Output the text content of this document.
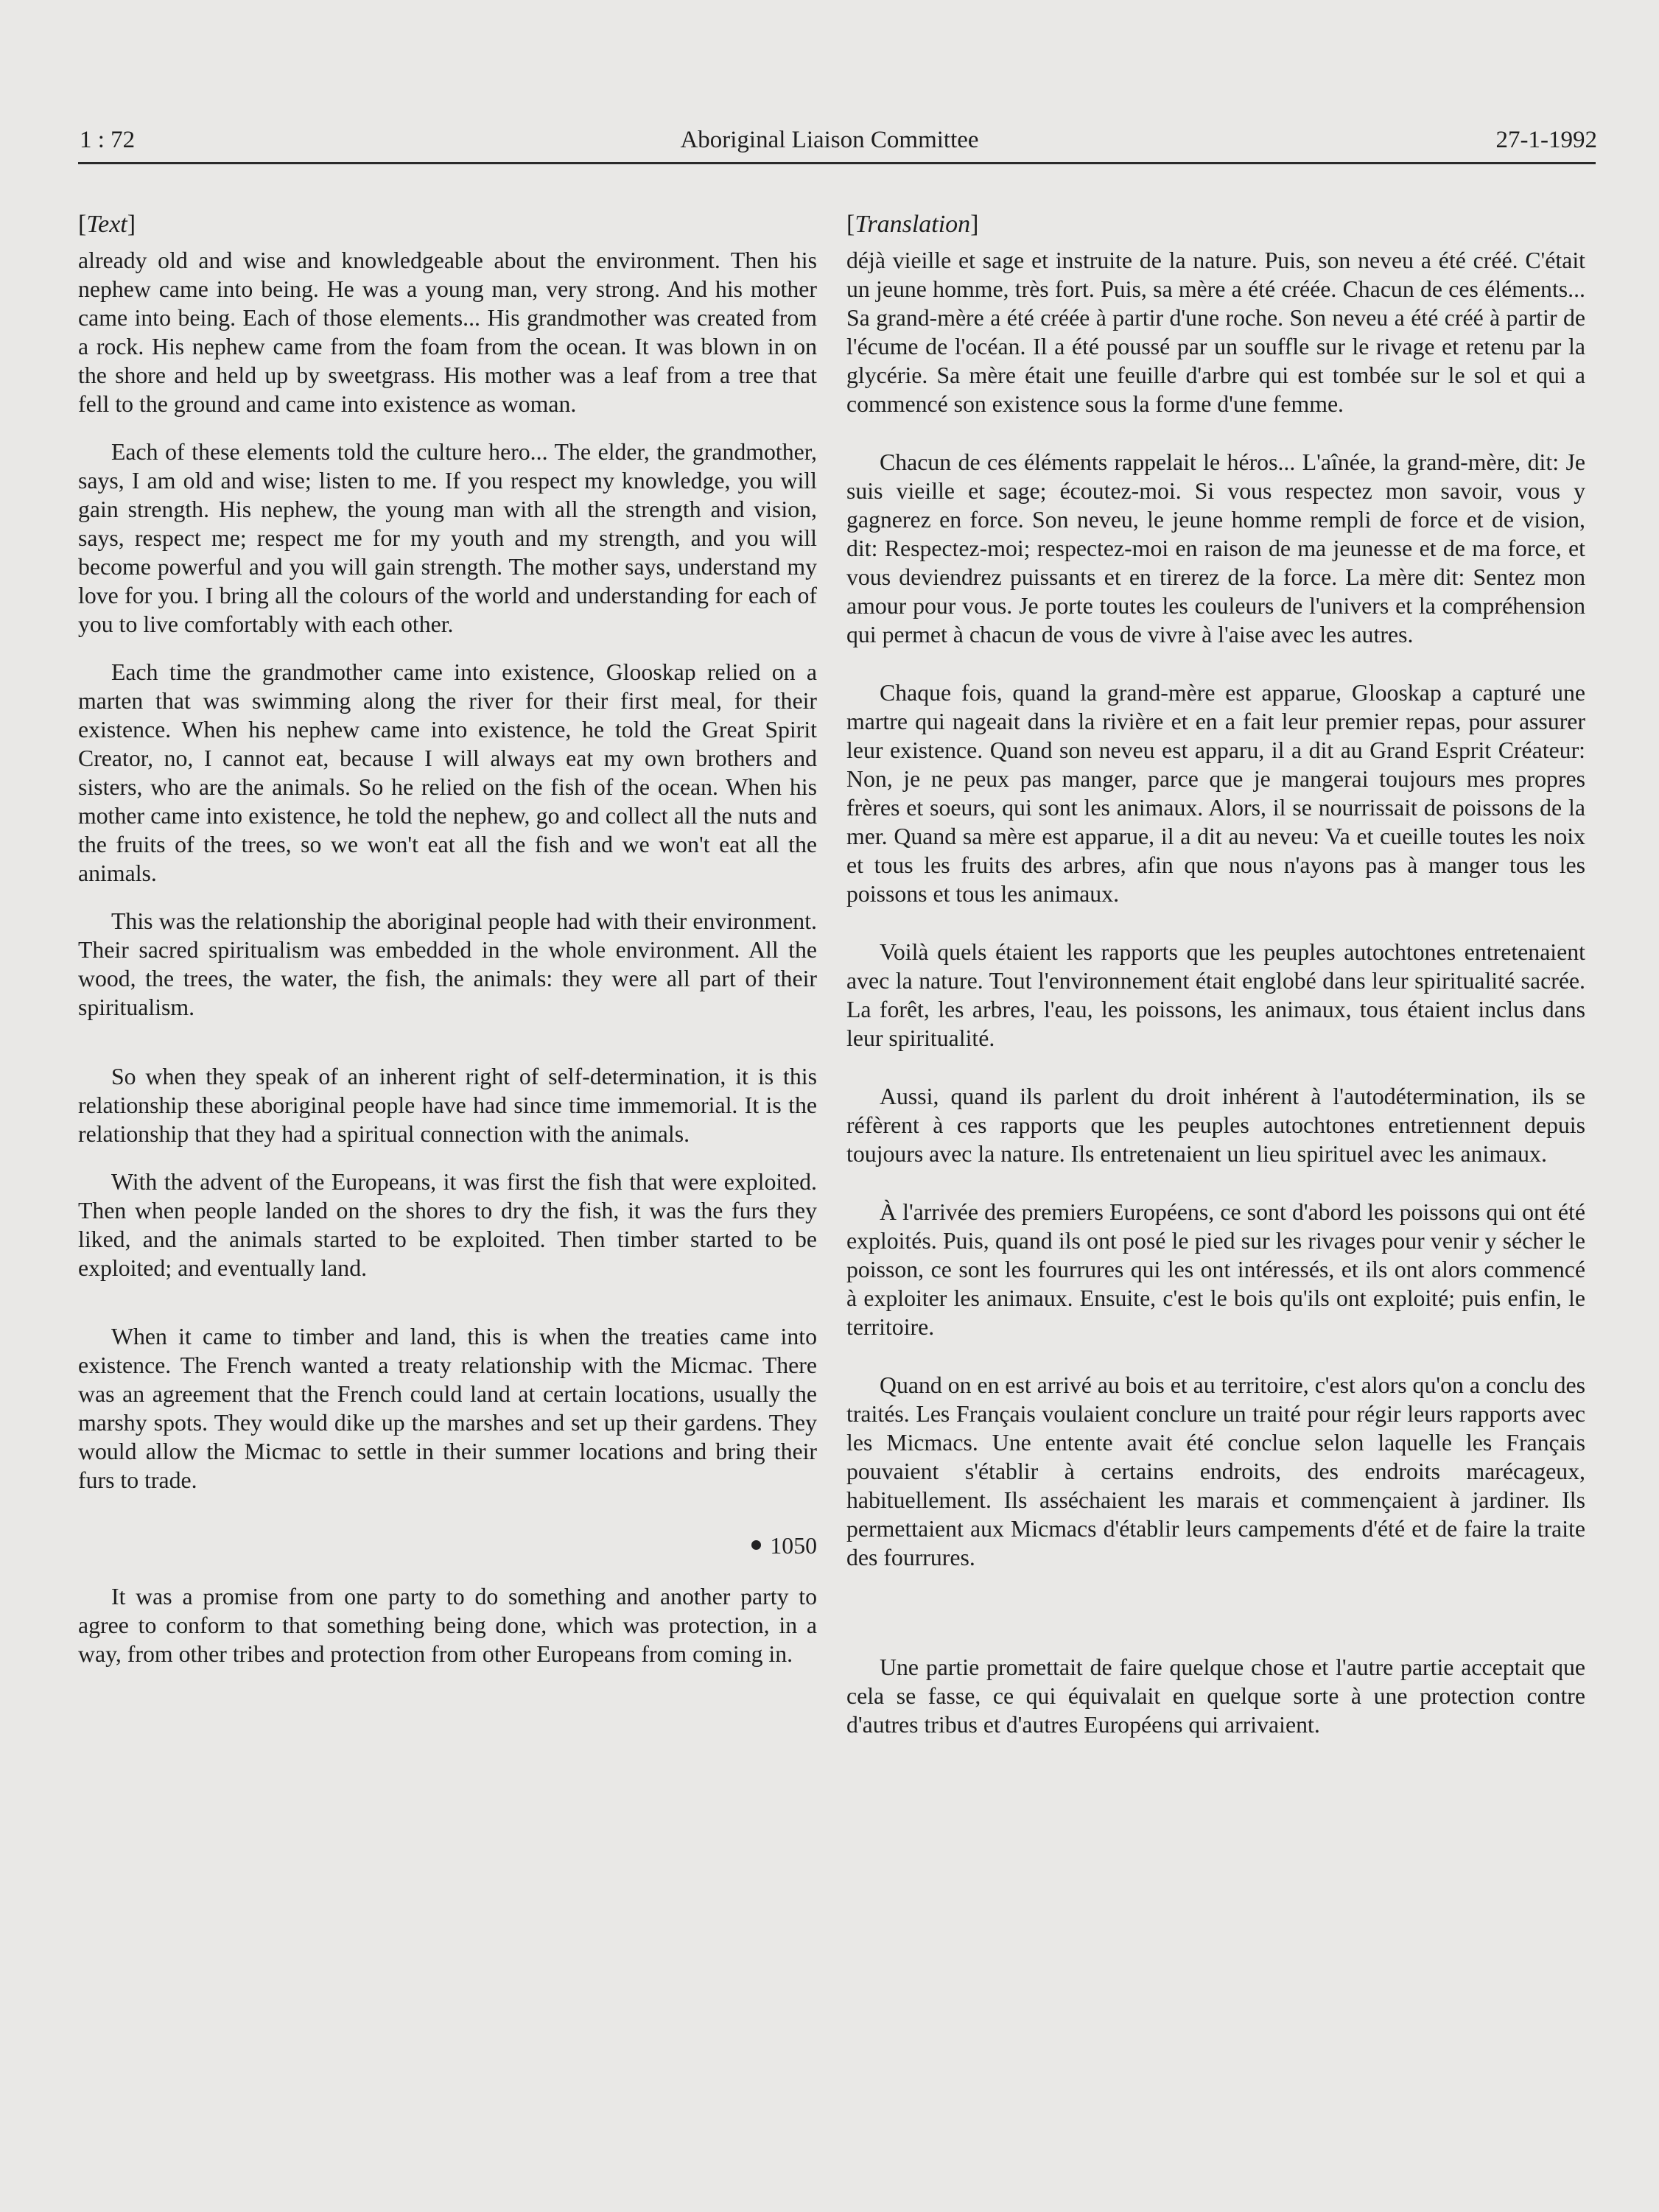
1 : 72	Aboriginal Liaison Committee	27-1-1992

[Text]

already old and wise and knowledgeable about the environment. Then his nephew came into being. He was a young man, very strong. And his mother came into being. Each of those elements... His grandmother was created from a rock. His nephew came from the foam from the ocean. It was blown in on the shore and held up by sweetgrass. His mother was a leaf from a tree that fell to the ground and came into existence as woman.

Each of these elements told the culture hero... The elder, the grandmother, says, I am old and wise; listen to me. If you respect my knowledge, you will gain strength. His nephew, the young man with all the strength and vision, says, respect me; respect me for my youth and my strength, and you will become powerful and you will gain strength. The mother says, understand my love for you. I bring all the colours of the world and understanding for each of you to live comfortably with each other.

Each time the grandmother came into existence, Glooskap relied on a marten that was swimming along the river for their first meal, for their existence. When his nephew came into existence, he told the Great Spirit Creator, no, I cannot eat, because I will always eat my own brothers and sisters, who are the animals. So he relied on the fish of the ocean. When his mother came into existence, he told the nephew, go and collect all the nuts and the fruits of the trees, so we won't eat all the fish and we won't eat all the animals.

This was the relationship the aboriginal people had with their environment. Their sacred spiritualism was embedded in the whole environment. All the wood, the trees, the water, the fish, the animals: they were all part of their spiritualism.

So when they speak of an inherent right of self-determination, it is this relationship these aboriginal people have had since time immemorial. It is the relationship that they had a spiritual connection with the animals.

With the advent of the Europeans, it was first the fish that were exploited. Then when people landed on the shores to dry the fish, it was the furs they liked, and the animals started to be exploited. Then timber started to be exploited; and eventually land.

When it came to timber and land, this is when the treaties came into existence. The French wanted a treaty relationship with the Micmac. There was an agreement that the French could land at certain locations, usually the marshy spots. They would dike up the marshes and set up their gardens. They would allow the Micmac to settle in their summer locations and bring their furs to trade.

1050

It was a promise from one party to do something and another party to agree to conform to that something being done, which was protection, in a way, from other tribes and protection from other Europeans from coming in.

[Translation]

déjà vieille et sage et instruite de la nature. Puis, son neveu a été créé. C'était un jeune homme, très fort. Puis, sa mère a été créée. Chacun de ces éléments... Sa grand-mère a été créée à partir d'une roche. Son neveu a été créé à partir de l'écume de l'océan. Il a été poussé par un souffle sur le rivage et retenu par la glycérie. Sa mère était une feuille d'arbre qui est tombée sur le sol et qui a commencé son existence sous la forme d'une femme.

Chacun de ces éléments rappelait le héros... L'aînée, la grand-mère, dit: Je suis vieille et sage; écoutez-moi. Si vous respectez mon savoir, vous y gagnerez en force. Son neveu, le jeune homme rempli de force et de vision, dit: Respectez-moi; respectez-moi en raison de ma jeunesse et de ma force, et vous deviendrez puissants et en tirerez de la force. La mère dit: Sentez mon amour pour vous. Je porte toutes les couleurs de l'univers et la compréhension qui permet à chacun de vous de vivre à l'aise avec les autres.

Chaque fois, quand la grand-mère est apparue, Glooskap a capturé une martre qui nageait dans la rivière et en a fait leur premier repas, pour assurer leur existence. Quand son neveu est apparu, il a dit au Grand Esprit Créateur: Non, je ne peux pas manger, parce que je mangerai toujours mes propres frères et soeurs, qui sont les animaux. Alors, il se nourrissait de poissons de la mer. Quand sa mère est apparue, il a dit au neveu: Va et cueille toutes les noix et tous les fruits des arbres, afin que nous n'ayons pas à manger tous les poissons et tous les animaux.

Voilà quels étaient les rapports que les peuples autochtones entretenaient avec la nature. Tout l'environnement était englobé dans leur spiritualité sacrée. La forêt, les arbres, l'eau, les poissons, les animaux, tous étaient inclus dans leur spiritualité.

Aussi, quand ils parlent du droit inhérent à l'autodétermination, ils se réfèrent à ces rapports que les peuples autochtones entretiennent depuis toujours avec la nature. Ils entretenaient un lieu spirituel avec les animaux.

À l'arrivée des premiers Européens, ce sont d'abord les poissons qui ont été exploités. Puis, quand ils ont posé le pied sur les rivages pour venir y sécher le poisson, ce sont les fourrures qui les ont intéressés, et ils ont alors commencé à exploiter les animaux. Ensuite, c'est le bois qu'ils ont exploité; puis enfin, le territoire.

Quand on en est arrivé au bois et au territoire, c'est alors qu'on a conclu des traités. Les Français voulaient conclure un traité pour régir leurs rapports avec les Micmacs. Une entente avait été conclue selon laquelle les Français pouvaient s'établir à certains endroits, des endroits marécageux, habituellement. Ils asséchaient les marais et commençaient à jardiner. Ils permettaient aux Micmacs d'établir leurs campements d'été et de faire la traite des fourrures.

Une partie promettait de faire quelque chose et l'autre partie acceptait que cela se fasse, ce qui équivalait en quelque sorte à une protection contre d'autres tribus et d'autres Européens qui arrivaient.
